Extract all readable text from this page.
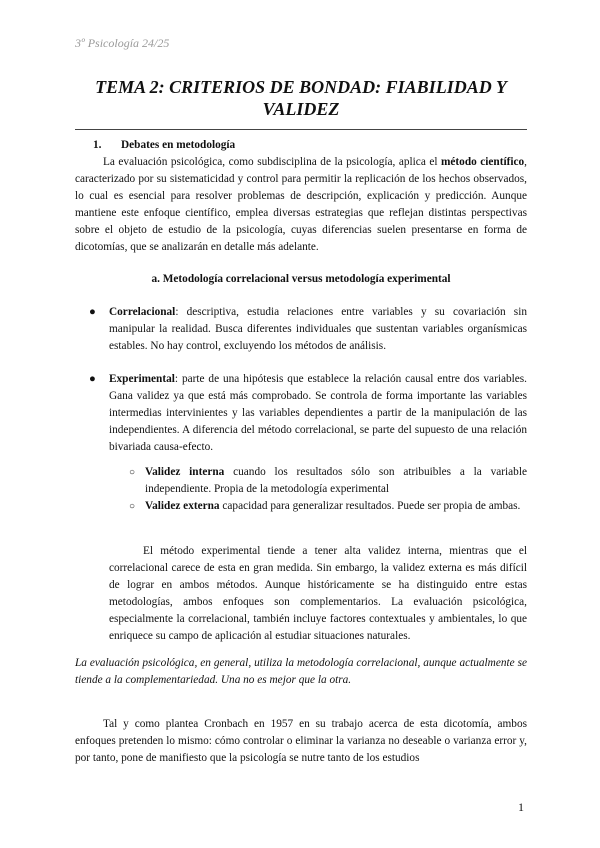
3º Psicología 24/25
TEMA 2: CRITERIOS DE BONDAD: FIABILIDAD Y VALIDEZ

1. Debates en metodología

La evaluación psicológica, como subdisciplina de la psicología, aplica el método científico, caracterizado por su sistematicidad y control para permitir la replicación de los hechos observados, lo cual es esencial para resolver problemas de descripción, explicación y predicción. Aunque mantiene este enfoque científico, emplea diversas estrategias que reflejan distintas perspectivas sobre el objeto de estudio de la psicología, cuyas diferencias suelen presentarse en forma de dicotomías, que se analizarán en detalle más adelante.

a. Metodología correlacional versus metodología experimental

● Correlacional: descriptiva, estudia relaciones entre variables y su covariación sin manipular la realidad. Busca diferentes individuales que sustentan variables organísmicas estables. No hay control, excluyendo los métodos de análisis.
● Experimental: parte de una hipótesis que establece la relación causal entre dos variables. Gana validez ya que está más comprobado. Se controla de forma importante las variables intermedias intervinientes y las variables dependientes a partir de la manipulación de las independientes. A diferencia del método correlacional, se parte del supuesto de una relación bivariada causa-efecto.
○ Validez interna cuando los resultados sólo son atribuibles a la variable independiente. Propia de la metodología experimental
○ Validez externa capacidad para generalizar resultados. Puede ser propia de ambas.

El método experimental tiende a tener alta validez interna, mientras que el correlacional carece de esta en gran medida. Sin embargo, la validez externa es más difícil de lograr en ambos métodos. Aunque históricamente se ha distinguido entre estas metodologías, ambos enfoques son complementarios. La evaluación psicológica, especialmente la correlacional, también incluye factores contextuales y ambientales, lo que enriquece su campo de aplicación al estudiar situaciones naturales.

La evaluación psicológica, en general, utiliza la metodología correlacional, aunque actualmente se tiende a la complementariedad. Una no es mejor que la otra.

Tal y como plantea Cronbach en 1957 en su trabajo acerca de esta dicotomía, ambos enfoques pretenden lo mismo: cómo controlar o eliminar la varianza no deseable o varianza error y, por tanto, pone de manifiesto que la psicología se nutre tanto de los estudios

1
